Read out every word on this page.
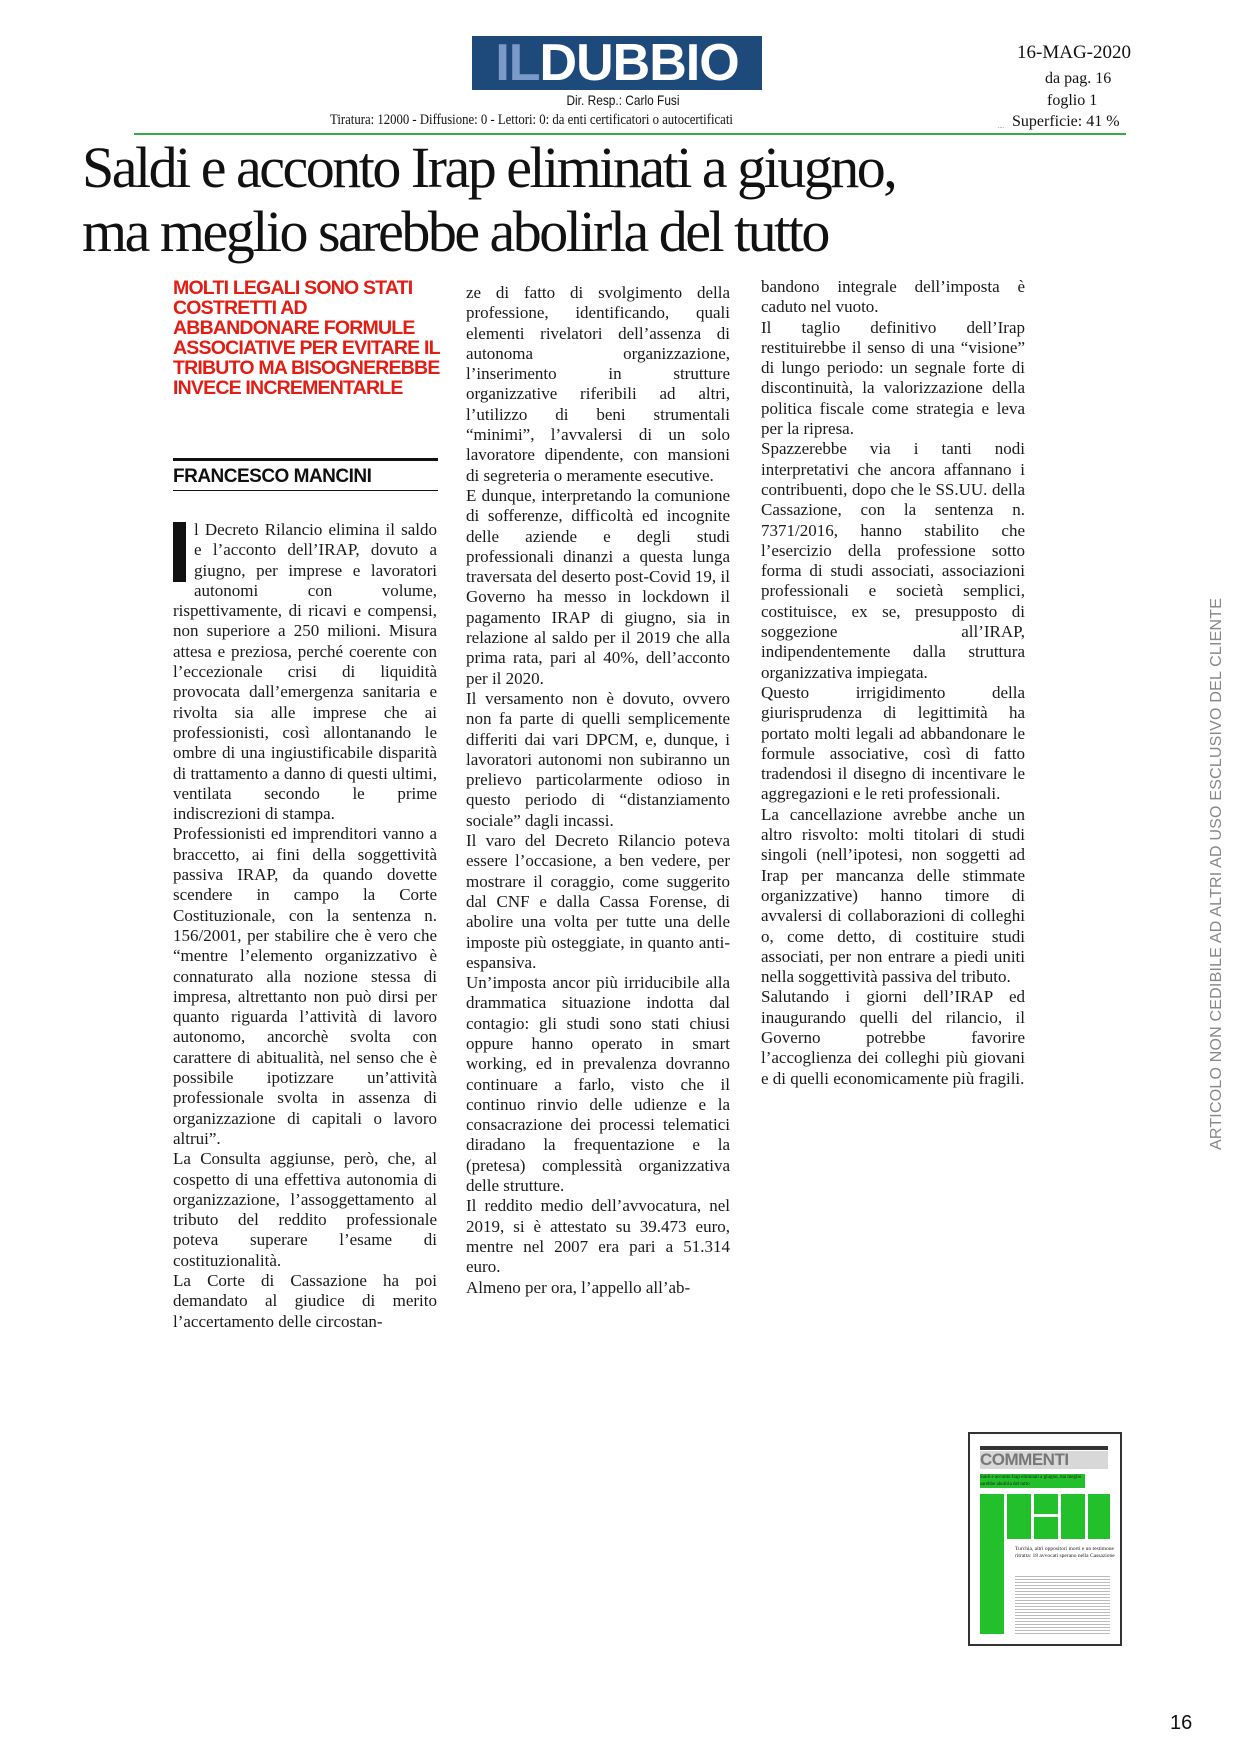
IL DUBBIO
Dir. Resp.: Carlo Fusi
Tiratura: 12000 - Diffusione: 0 - Lettori: 0: da enti certificatori o autocertificati
16-MAG-2020
da pag. 16
foglio 1
.... Superficie: 41 %
Saldi e acconto Irap eliminati a giugno,
ma meglio sarebbe abolirla del tutto
MOLTI LEGALI SONO STATI COSTRETTI AD ABBANDONARE FORMULE ASSOCIATIVE PER EVITARE IL TRIBUTO MA BISOGNEREBBE INVECE INCREMENTARLE
FRANCESCO MANCINI

l Decreto Rilancio elimina il saldo e l’acconto dell’IRAP, dovuto a giugno, per imprese e lavoratori autonomi con volume, rispettivamente, di ricavi e compensi, non superiore a 250 milioni. Misura attesa e preziosa, perché coerente con l’eccezionale crisi di liquidità provocata dall’emergenza sanitaria e rivolta sia alle imprese che ai professionisti, così allontanando le ombre di una ingiustificabile disparità di trattamento a danno di questi ultimi, ventilata secondo le prime indiscrezioni di stampa.

Professionisti ed imprenditori vanno a braccetto, ai fini della soggettività passiva IRAP, da quando dovette scendere in campo la Corte Costituzionale, con la sentenza n. 156/2001, per stabilire che è vero che “mentre l’elemento organizzativo è connaturato alla nozione stessa di impresa, altrettanto non può dirsi per quanto riguarda l’attività di lavoro autonomo, ancorchè svolta con carattere di abitualità, nel senso che è possibile ipotizzare un’attività professionale svolta in assenza di organizzazione di capitali o lavoro altrui”.

La Consulta aggiunse, però, che, al cospetto di una effettiva autonomia di organizzazione, l’assoggettamento al tributo del reddito professionale poteva superare l’esame di costituzionalità.

La Corte di Cassazione ha poi demandato al giudice di merito l’accertamento delle circostan-

ze di fatto di svolgimento della professione, identificando, quali elementi rivelatori dell’assenza di autonoma organizzazione, l’inserimento in strutture organizzative riferibili ad altri, l’utilizzo di beni strumentali “minimi”, l’avvalersi di un solo lavoratore dipendente, con mansioni di segreteria o meramente esecutive.

E dunque, interpretando la comunione di sofferenze, difficoltà ed incognite delle aziende e degli studi professionali dinanzi a questa lunga traversata del deserto post-Covid 19, il Governo ha messo in lockdown il pagamento IRAP di giugno, sia in relazione al saldo per il 2019 che alla prima rata, pari al 40%, dell’acconto per il 2020.

Il versamento non è dovuto, ovvero non fa parte di quelli semplicemente differiti dai vari DPCM, e, dunque, i lavoratori autonomi non subiranno un prelievo particolarmente odioso in questo periodo di “distanziamento sociale” dagli incassi.

Il varo del Decreto Rilancio poteva essere l’occasione, a ben vedere, per mostrare il coraggio, come suggerito dal CNF e dalla Cassa Forense, di abolire una volta per tutte una delle imposte più osteggiate, in quanto anti-espansiva.

Un’imposta ancor più irriducibile alla drammatica situazione indotta dal contagio: gli studi sono stati chiusi oppure hanno operato in smart working, ed in prevalenza dovranno continuare a farlo, visto che il continuo rinvio delle udienze e la consacrazione dei processi telematici diradano la frequentazione e la (pretesa) complessità organizzativa delle strutture.

Il reddito medio dell’avvocatura, nel 2019, si è attestato su 39.473 euro, mentre nel 2007 era pari a 51.314 euro.

Almeno per ora, l’appello all’ab-

bandono integrale dell’imposta è caduto nel vuoto.

Il taglio definitivo dell’Irap restituirebbe il senso di una “visione” di lungo periodo: un segnale forte di discontinuità, la valorizzazione della politica fiscale come strategia e leva per la ripresa.

Spazzerebbe via i tanti nodi interpretativi che ancora affannano i contribuenti, dopo che le SS.UU. della Cassazione, con la sentenza n. 7371/2016, hanno stabilito che l’esercizio della professione sotto forma di studi associati, associazioni professionali e società semplici, costituisce, ex se, presupposto di soggezione all’IRAP, indipendentemente dalla struttura organizzativa impiegata.

Questo irrigidimento della giurisprudenza di legittimità ha portato molti legali ad abbandonare le formule associative, così di fatto tradendosi il disegno di incentivare le aggregazioni e le reti professionali.

La cancellazione avrebbe anche un altro risvolto: molti titolari di studi singoli (nell’ipotesi, non soggetti ad Irap per mancanza delle stimmate organizzative) hanno timore di avvalersi di collaborazioni di colleghi o, come detto, di costituire studi associati, per non entrare a piedi uniti nella soggettività passiva del tributo.

Salutando i giorni dell’IRAP ed inaugurando quelli del rilancio, il Governo potrebbe favorire l’accoglienza dei colleghi più giovani e di quelli economicamente più fragili.

COMMENTI
Saldi e acconto Irap eliminati a giugno, ma meglio sarebbe abolirla del tutto
Turchia, altri oppositori morti e un testimone ritratta: 18 avvocati sperano nella Cassazione
ARTICOLO NON CEDIBILE AD ALTRI AD USO ESCLUSIVO DEL CLIENTE
16
